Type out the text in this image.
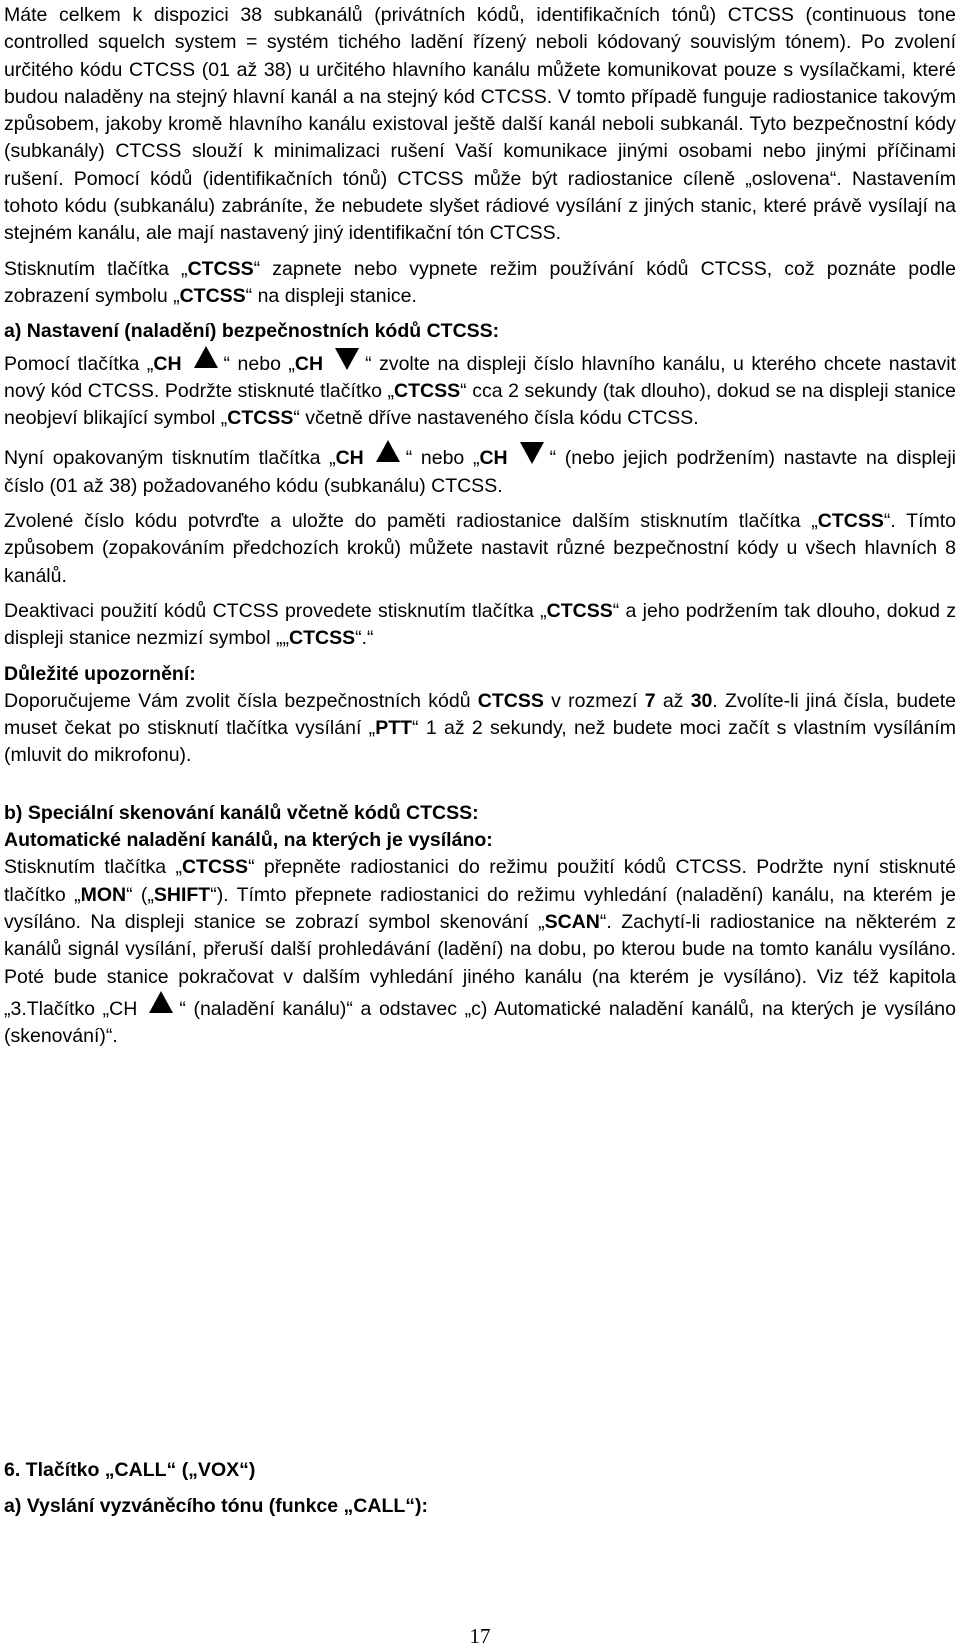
Máte celkem k dispozici 38 subkanálů (privátních kódů, identifikačních tónů) CTCSS (continuous tone controlled squelch system = systém tichého ladění řízený neboli kódovaný souvislým tónem). Po zvolení určitého kódu CTCSS (01 až 38) u určitého hlavního kanálu můžete komunikovat pouze s vysílačkami, které budou naladěny na stejný hlavní kanál a na stejný kód CTCSS. V tomto případě funguje radiostanice takovým způsobem, jakoby kromě hlavního kanálu existoval ještě další kanál neboli subkanál. Tyto bezpečnostní kódy (subkanály) CTCSS slouží k minimalizaci rušení Vaší komunikace jinými osobami nebo jinými příčinami rušení. Pomocí kódů (identifikačních tónů) CTCSS může být radiostanice cíleně „oslovena“. Nastavením tohoto kódu (subkanálu) zabráníte, že nebudete slyšet rádiové vysílání z jiných stanic, které právě vysílají na stejném kanálu, ale mají nastavený jiný identifikační tón CTCSS.

Stisknutím tlačítka „CTCSS“ zapnete nebo vypnete režim používání kódů CTCSS, což poznáte podle zobrazení symbolu „CTCSS“ na displeji stanice.

a) Nastavení (naladění) bezpečnostních kódů CTCSS:

Pomocí tlačítka „CH “ nebo „CH “ zvolte na displeji číslo hlavního kanálu, u kterého chcete nastavit nový kód CTCSS. Podržte stisknuté tlačítko „CTCSS“ cca 2 sekundy (tak dlouho), dokud se na displeji stanice neobjeví blikající symbol „CTCSS“ včetně dříve nastaveného čísla kódu CTCSS.

Nyní opakovaným tisknutím tlačítka „CH “ nebo „CH “ (nebo jejich podržením) nastavte na displeji číslo (01 až 38) požadovaného kódu (subkanálu) CTCSS.

Zvolené číslo kódu potvrďte a uložte do paměti radiostanice dalším stisknutím tlačítka „CTCSS“. Tímto způsobem (zopakováním předchozích kroků) můžete nastavit různé bezpečnostní kódy u všech hlavních 8 kanálů.

Deaktivaci použití kódů CTCSS provedete stisknutím tlačítka „CTCSS“ a jeho podržením tak dlouho, dokud z displeji stanice nezmizí symbol „„CTCSS“.“

Důležité upozornění:

Doporučujeme Vám zvolit čísla bezpečnostních kódů CTCSS v rozmezí 7 až 30. Zvolíte-li jiná čísla, budete muset čekat po stisknutí tlačítka vysílání „PTT“ 1 až 2 sekundy, než budete moci začít s vlastním vysíláním (mluvit do mikrofonu).

b) Speciální skenování kanálů včetně kódů CTCSS:

Automatické naladění kanálů, na kterých je vysíláno:

Stisknutím tlačítka „CTCSS“ přepněte radiostanici do režimu použití kódů CTCSS. Podržte nyní stisknuté tlačítko „MON“ („SHIFT“). Tímto přepnete radiostanici do režimu vyhledání (naladění) kanálu, na kterém je vysíláno. Na displeji stanice se zobrazí symbol skenování „SCAN“. Zachytí-li radiostanice na některém z kanálů signál vysílání, přeruší další prohledávání (ladění) na dobu, po kterou bude na tomto kanálu vysíláno. Poté bude stanice pokračovat v dalším vyhledání jiného kanálu (na kterém je vysíláno). Viz též kapitola „3.Tlačítko „CH “ (naladění kanálu)“ a odstavec „c) Automatické naladění kanálů, na kterých je vysíláno (skenování)“.

6. Tlačítko „CALL“ („VOX“)

a) Vyslání vyzváněcího tónu (funkce „CALL“):

17
